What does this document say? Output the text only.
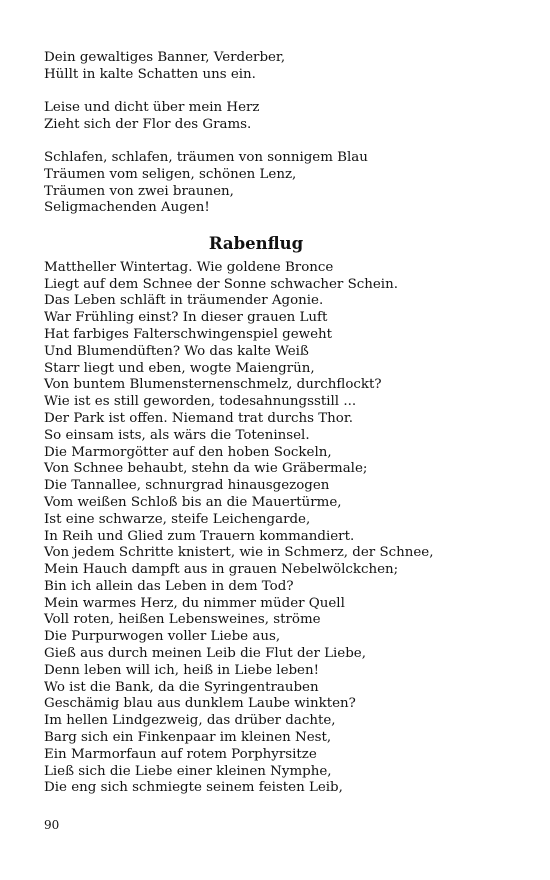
Dein gewaltiges Banner, Verderber,
Hüllt in kalte Schatten uns ein.
Leise und dicht über mein Herz
Zieht sich der Flor des Grams.
Schlafen, schlafen, träumen von sonnigem Blau
Träumen vom seligen, schönen Lenz,
Träumen von zwei braunen,
Seligmachenden Augen!
Rabenflug
Mattheller Wintertag. Wie goldene Bronce
Liegt auf dem Schnee der Sonne schwacher Schein.
Das Leben schläft in träumender Agonie.
War Frühling einst? In dieser grauen Luft
Hat farbiges Falterschwingenspiel geweht
Und Blumendüften? Wo das kalte Weiß
Starr liegt und eben, wogte Maiengrün,
Von buntem Blumensternenschmelz, durchflockt?
Wie ist es still geworden, todesahnungsstill ...
Der Park ist offen. Niemand trat durchs Thor.
So einsam ists, als wärs die Toteninsel.
Die Marmorgötter auf den hoben Sockeln,
Von Schnee behaubt, stehn da wie Gräbermale;
Die Tannallee, schnurgrad hinausgezogen
Vom weißen Schloß bis an die Mauertürme,
Ist eine schwarze, steife Leichengarde,
In Reih und Glied zum Trauern kommandiert.
Von jedem Schritte knistert, wie in Schmerz, der Schnee,
Mein Hauch dampft aus in grauen Nebelwölckchen;
Bin ich allein das Leben in dem Tod?
Mein warmes Herz, du nimmer müder Quell
Voll roten, heißen Lebensweines, ströme
Die Purpurwogen voller Liebe aus,
Gieß aus durch meinen Leib die Flut der Liebe,
Denn leben will ich, heiß in Liebe leben!
Wo ist die Bank, da die Syringentrauben
Geschämig blau aus dunklem Laube winkten?
Im hellen Lindgezweig, das drüber dachte,
Barg sich ein Finkenpaar im kleinen Nest,
Ein Marmorfaun auf rotem Porphyrsitze
Ließ sich die Liebe einer kleinen Nymphe,
Die eng sich schmiegte seinem feisten Leib,
90
